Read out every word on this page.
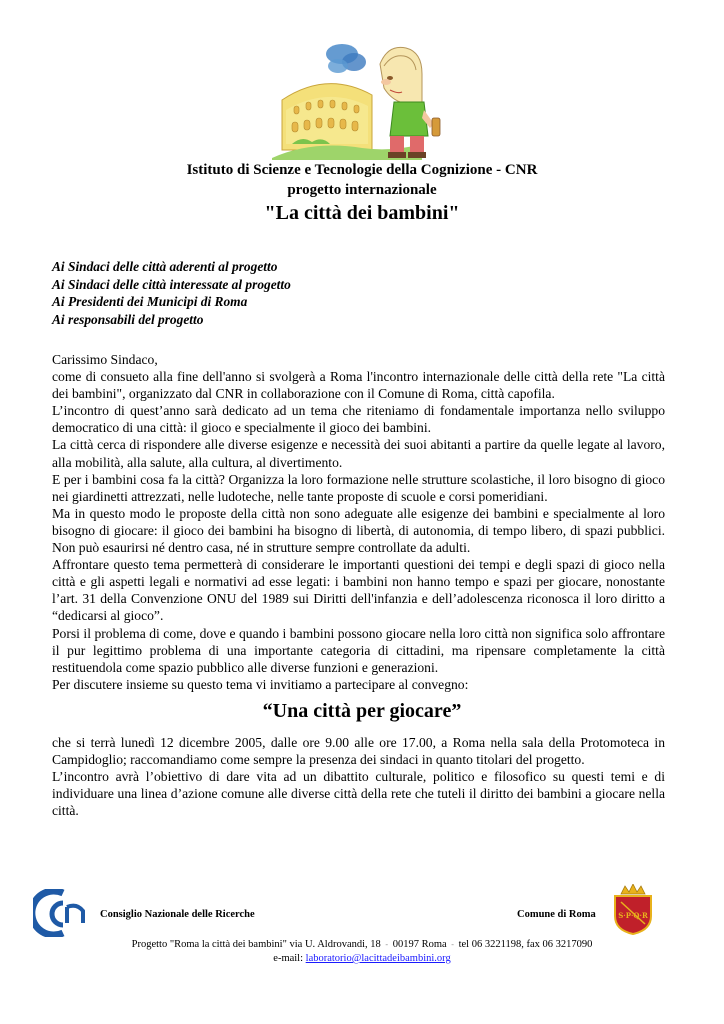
Istituto di Scienze e Tecnologie della Cognizione - CNR
progetto internazionale
"La città dei bambini"
Ai Sindaci delle città aderenti al progetto
Ai Sindaci delle città interessate al progetto
Ai Presidenti dei Municipi di Roma
Ai responsabili del progetto

Carissimo Sindaco,

come di consueto alla fine dell'anno si svolgerà a Roma l'incontro internazionale delle città della rete "La città dei bambini", organizzato dal CNR in collaborazione con il Comune di Roma, città capofila.

L’incontro di quest’anno sarà dedicato ad un tema che riteniamo di fondamentale importanza nello sviluppo democratico di una città: il gioco e specialmente il gioco dei bambini.

La città cerca di rispondere alle diverse esigenze e necessità dei suoi abitanti a partire da quelle legate al lavoro, alla mobilità, alla salute, alla cultura, al divertimento.

E per i bambini cosa fa la città? Organizza la loro formazione nelle strutture scolastiche, il loro bisogno di gioco nei giardinetti attrezzati, nelle ludoteche, nelle tante proposte di scuole e corsi pomeridiani.

Ma in questo modo le proposte della città non sono adeguate alle esigenze dei bambini e specialmente al loro bisogno di giocare: il gioco dei bambini ha bisogno di libertà, di autonomia, di tempo libero, di spazi pubblici. Non può esaurirsi né dentro casa, né in strutture sempre controllate da adulti.

Affrontare questo tema permetterà di considerare le importanti questioni dei tempi e degli spazi di gioco nella città e gli aspetti legali e normativi ad esse legati: i bambini non hanno tempo e spazi per giocare, nonostante l’art. 31 della Convenzione ONU del 1989 sui Diritti dell'infanzia e dell’adolescenza riconosca il loro diritto a “dedicarsi al gioco”.

Porsi il problema di come, dove e quando i bambini possono giocare nella loro città non significa solo affrontare il pur legittimo problema di una importante categoria di cittadini, ma ripensare completamente la città restituendola come spazio pubblico alle diverse funzioni e generazioni.

Per discutere insieme su questo tema vi invitiamo a partecipare al convegno:

“Una città per giocare”

che si terrà lunedì 12 dicembre 2005, dalle ore 9.00 alle ore 17.00, a Roma nella sala della Protomoteca in Campidoglio; raccomandiamo come sempre la presenza dei sindaci in quanto titolari del progetto.

L’incontro avrà l’obiettivo di dare vita ad un dibattito culturale, politico e filosofico su questi temi e di individuare una linea d’azione comune alle diverse città della rete che tuteli il diritto dei bambini a giocare nella città.

Consiglio Nazionale delle Ricerche	Comune di Roma	S·P·Q·R
Progetto "Roma la città dei bambini" via U. Aldrovandi, 18 - 00197 Roma - tel 06 3221198, fax 06 3217090
e-mail: laboratorio@lacittadeibambini.org
